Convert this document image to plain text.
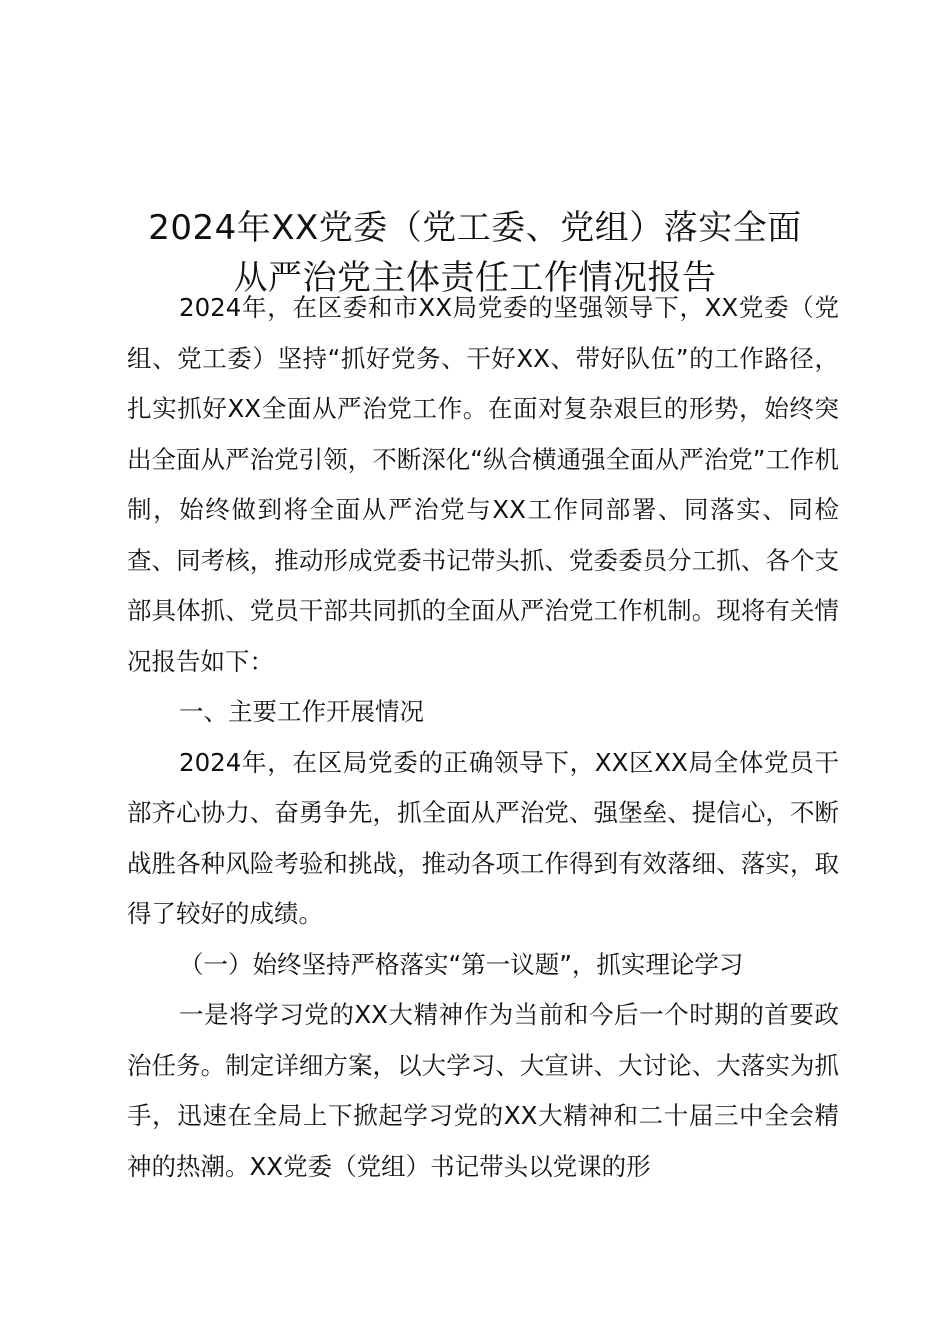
2024年XX党委（党工委、党组）落实全面
从严治党主体责任工作情况报告

2024年，在区委和市XX局党委的坚强领导下，XX党委（党组、党工委）坚持“抓好党务、干好XX、带好队伍”的工作路径，扎实抓好XX全面从严治党工作。在面对复杂艰巨的形势，始终突出全面从严治党引领，不断深化“纵合横通强全面从严治党”工作机制，始终做到将全面从严治党与XX工作同部署、同落实、同检查、同考核，推动形成党委书记带头抓、党委委员分工抓、各个支部具体抓、党员干部共同抓的全面从严治党工作机制。现将有关情况报告如下：

一、主要工作开展情况

2024年，在区局党委的正确领导下，XX区XX局全体党员干部齐心协力、奋勇争先，抓全面从严治党、强堡垒、提信心，不断战胜各种风险考验和挑战，推动各项工作得到有效落细、落实，取得了较好的成绩。

（一）始终坚持严格落实“第一议题”，抓实理论学习

一是将学习党的XX大精神作为当前和今后一个时期的首要政治任务。制定详细方案，以大学习、大宣讲、大讨论、大落实为抓手，迅速在全局上下掀起学习党的XX大精神和二十届三中全会精神的热潮。XX党委（党组）书记带头以党课的形
